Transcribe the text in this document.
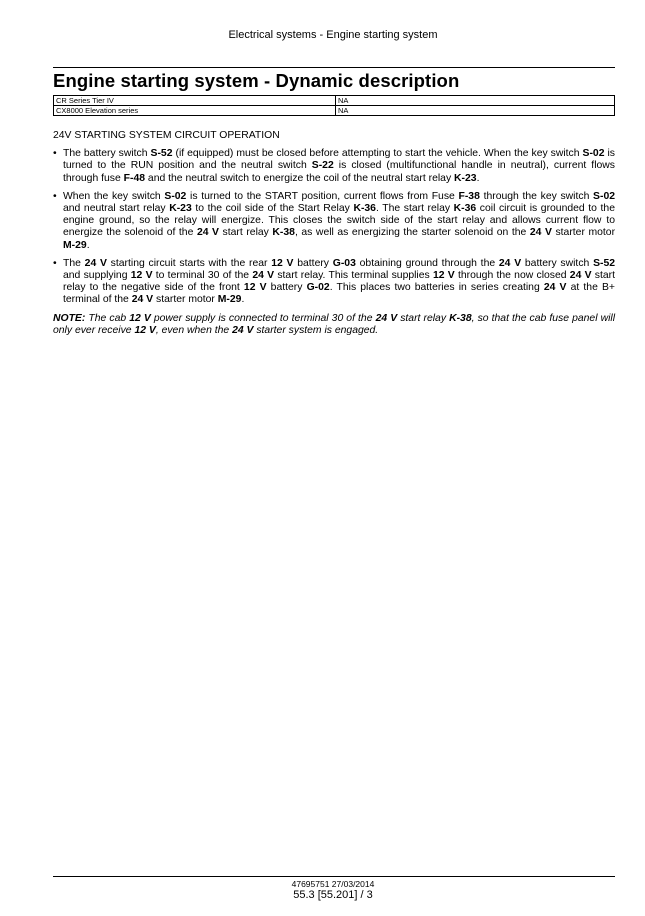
Electrical systems - Engine starting system
Engine starting system - Dynamic description
CR Series Tier IV	NA
CX8000 Elevation series	NA
24V STARTING SYSTEM CIRCUIT OPERATION
• The battery switch S-52 (if equipped) must be closed before attempting to start the vehicle. When the key switch S-02 is turned to the RUN position and the neutral switch S-22 is closed (multifunctional handle in neutral), current flows through fuse F-48 and the neutral switch to energize the coil of the neutral start relay K-23.
• When the key switch S-02 is turned to the START position, current flows from Fuse F-38 through the key switch S-02 and neutral start relay K-23 to the coil side of the Start Relay K-36. The start relay K-36 coil circuit is grounded to the engine ground, so the relay will energize. This closes the switch side of the start relay and allows current flow to energize the solenoid of the 24 V start relay K-38, as well as energizing the starter solenoid on the 24 V starter motor M-29.
• The 24 V starting circuit starts with the rear 12 V battery G-03 obtaining ground through the 24 V battery switch S-52 and supplying 12 V to terminal 30 of the 24 V start relay. This terminal supplies 12 V through the now closed 24 V start relay to the negative side of the front 12 V battery G-02. This places two batteries in series creating 24 V at the B+ terminal of the 24 V starter motor M-29.
NOTE: The cab 12 V power supply is connected to terminal 30 of the 24 V start relay K-38, so that the cab fuse panel will only ever receive 12 V, even when the 24 V starter system is engaged.
47695751 27/03/2014
55.3 [55.201] / 3
